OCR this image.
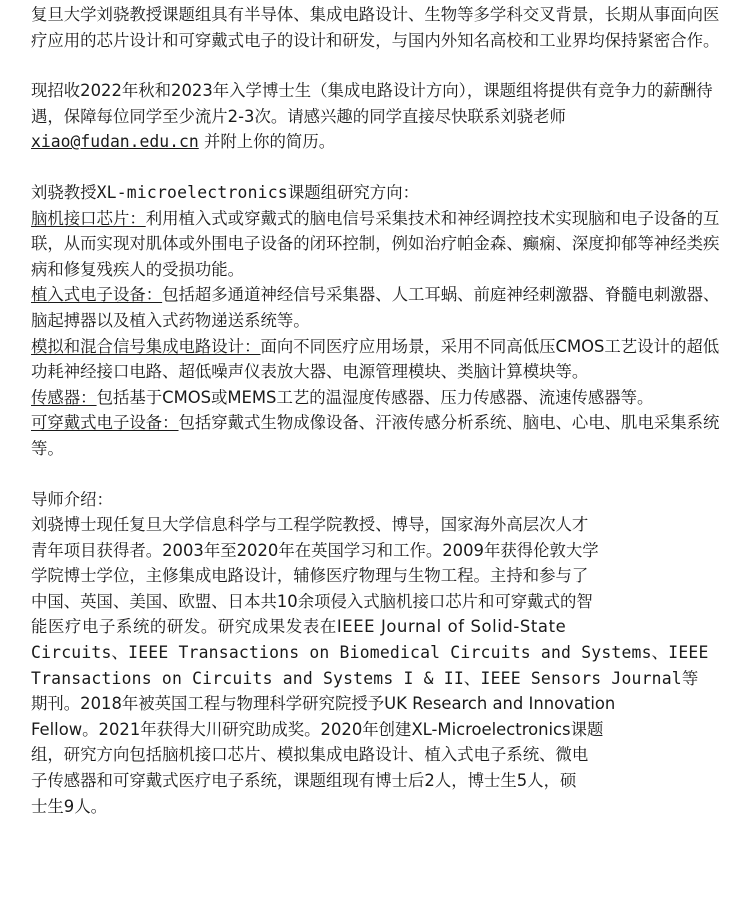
复旦大学刘骁教授课题组具有半导体、集成电路设计、生物等多学科交叉背景，长期从事面向医疗应用的芯片设计和可穿戴式电子的设计和研发，与国内外知名高校和工业界均保持紧密合作。

现招收2022年秋和2023年入学博士生（集成电路设计方向），课题组将提供有竞争力的薪酬待遇，保障每位同学至少流片2-3次。请感兴趣的同学直接尽快联系刘骁老师 xiao@fudan.edu.cn 并附上你的简历。

刘骁教授XL-microelectronics课题组研究方向：

脑机接口芯片：利用植入式或穿戴式的脑电信号采集技术和神经调控技术实现脑和电子设备的互联，从而实现对肌体或外围电子设备的闭环控制，例如治疗帕金森、癫痫、深度抑郁等神经类疾病和修复残疾人的受损功能。

植入式电子设备：包括超多通道神经信号采集器、人工耳蜗、前庭神经刺激器、脊髓电刺激器、脑起搏器以及植入式药物递送系统等。

模拟和混合信号集成电路设计：面向不同医疗应用场景，采用不同高低压CMOS工艺设计的超低功耗神经接口电路、超低噪声仪表放大器、电源管理模块、类脑计算模块等。

传感器：包括基于CMOS或MEMS工艺的温湿度传感器、压力传感器、流速传感器等。

可穿戴式电子设备：包括穿戴式生物成像设备、汗液传感分析系统、脑电、心电、肌电采集系统等。

导师介绍：

刘骁博士现任复旦大学信息科学与工程学院教授、博导，国家海外高层次人才

青年项目获得者。2003年至2020年在英国学习和工作。2009年获得伦敦大学

学院博士学位，主修集成电路设计，辅修医疗物理与生物工程。主持和参与了

中国、英国、美国、欧盟、日本共10余项侵入式脑机接口芯片和可穿戴式的智

能医疗电子系统的研发。研究成果发表在IEEE Journal of Solid-State

Circuits、IEEE Transactions on Biomedical Circuits and Systems、IEEE

Transactions on Circuits and Systems I & II、IEEE Sensors Journal等

期刊。2018年被英国工程与物理科学研究院授予UK Research and Innovation

Fellow。2021年获得大川研究助成奖。2020年创建XL-Microelectronics课题

组，研究方向包括脑机接口芯片、模拟集成电路设计、植入式电子系统、微电

子传感器和可穿戴式医疗电子系统，课题组现有博士后2人，博士生5人，硕

士生9人。
